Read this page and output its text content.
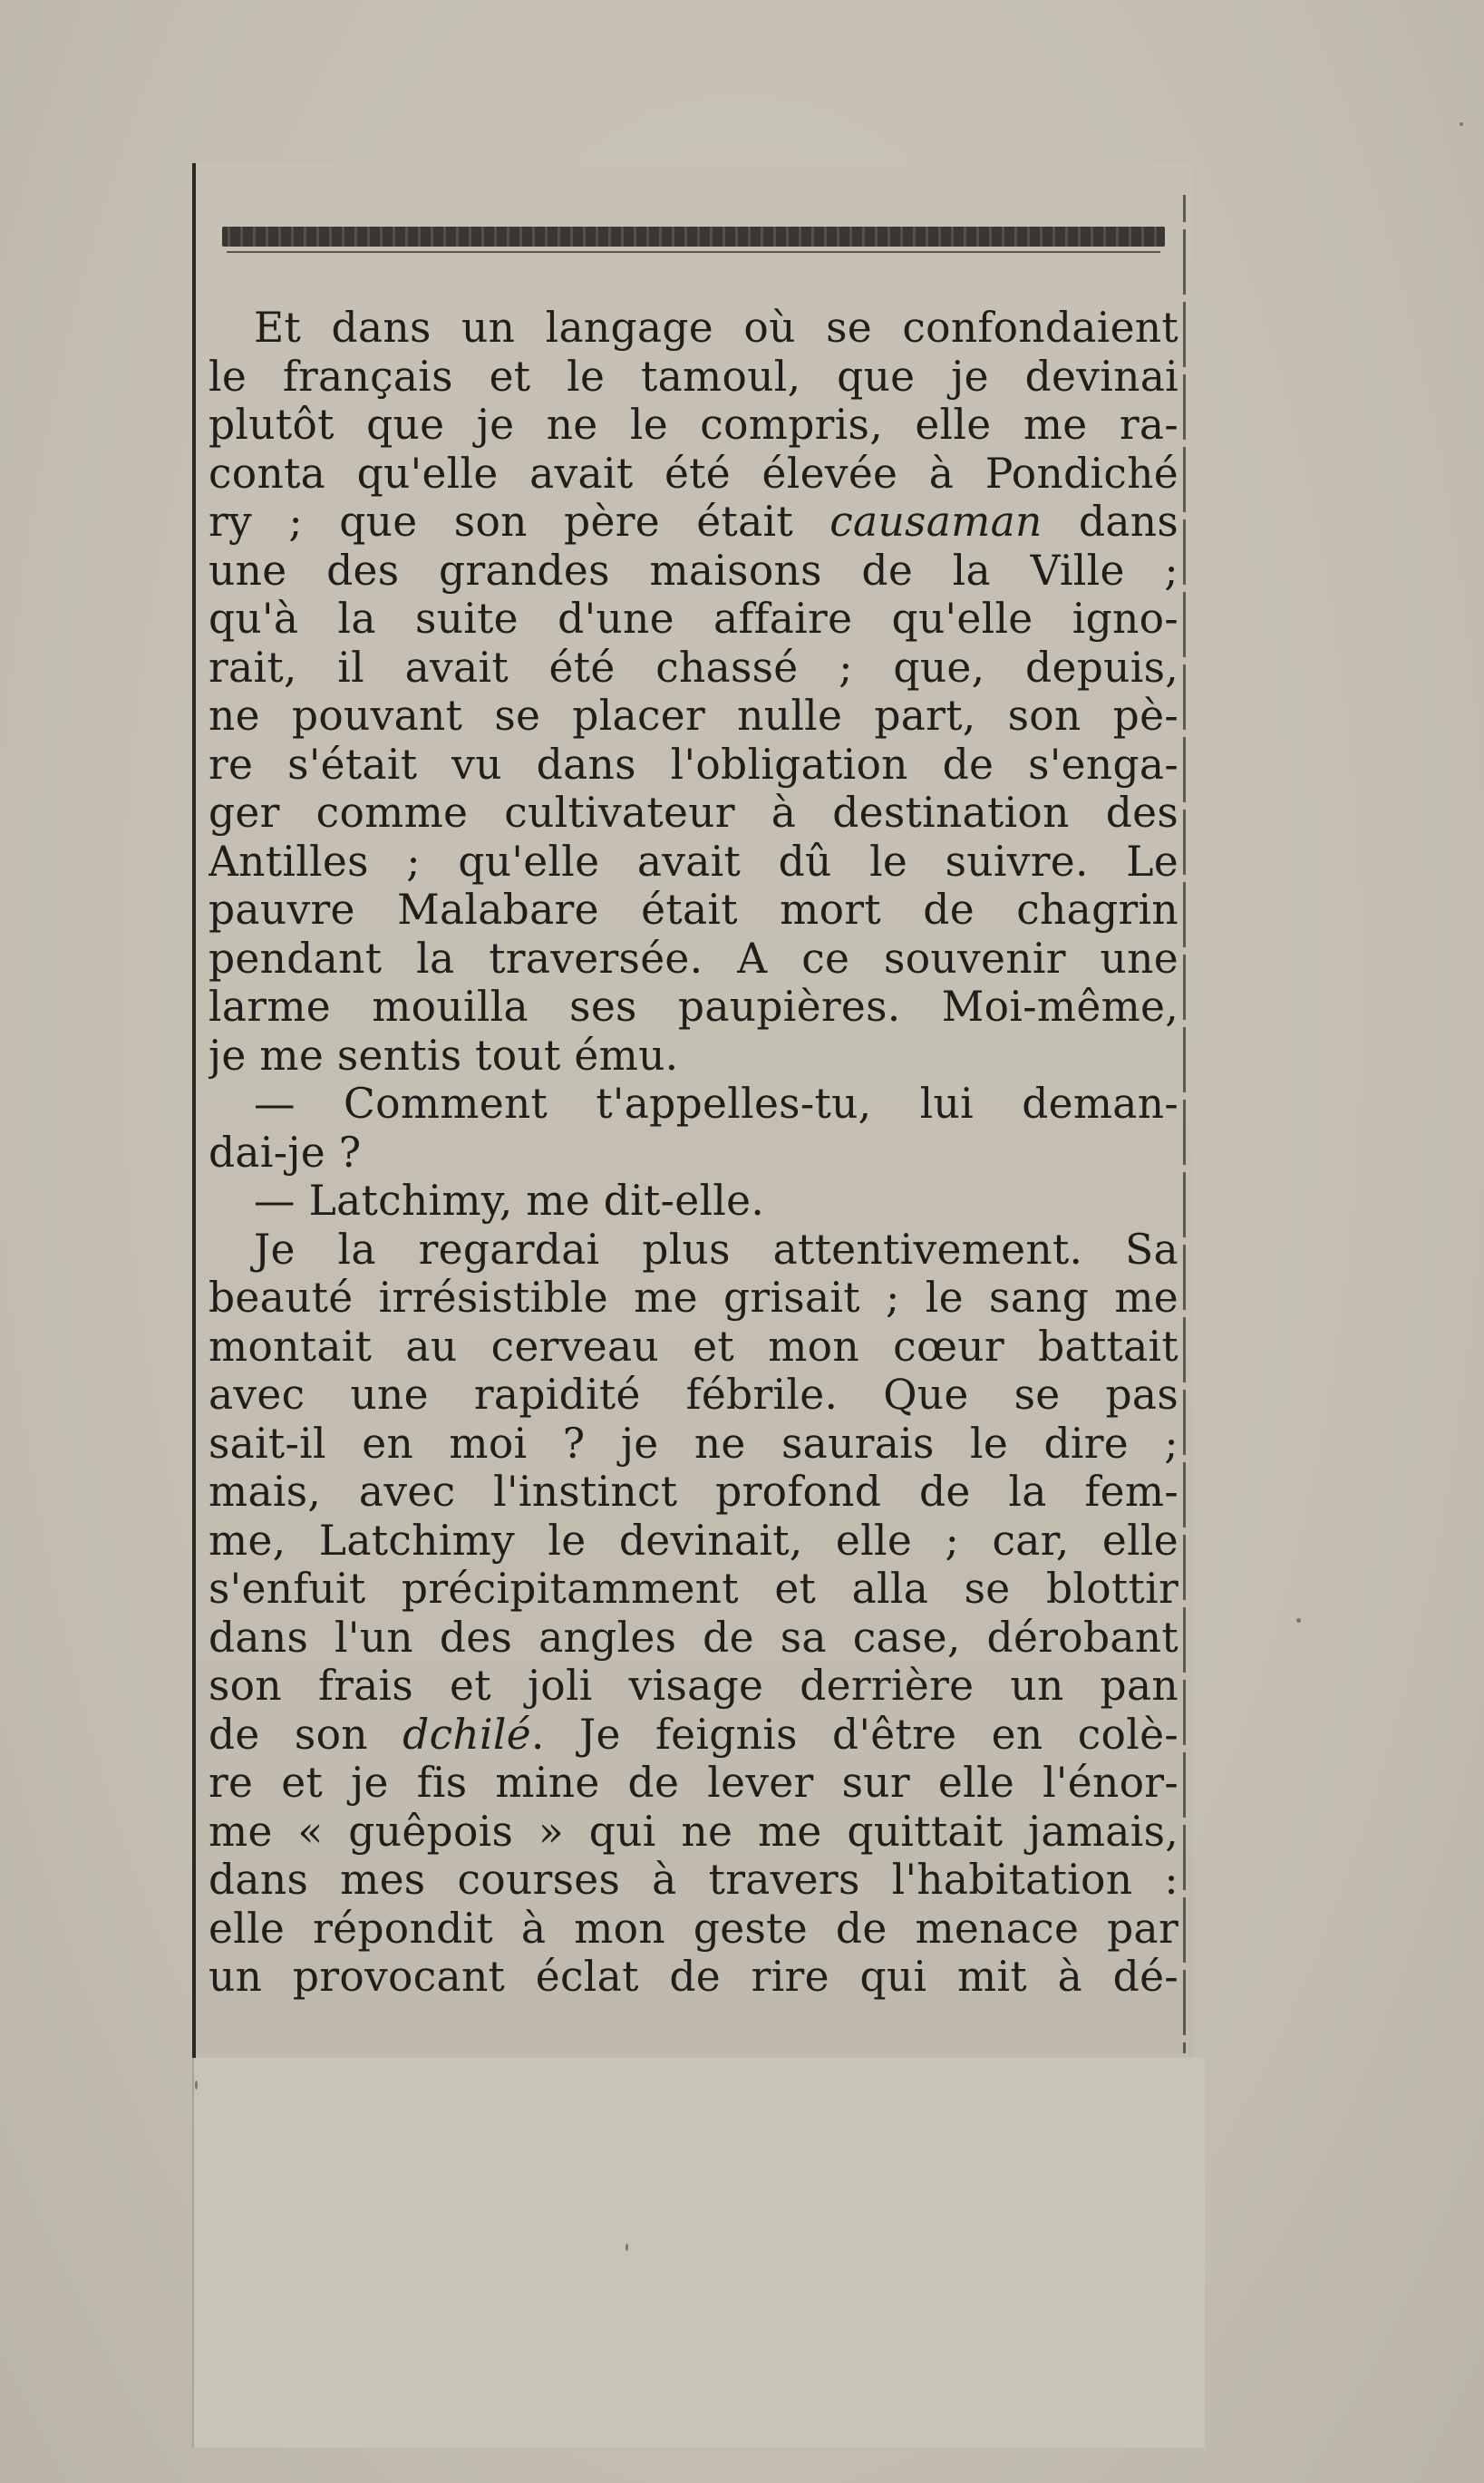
Et dans un langage où se confondaient
le français et le tamoul, que je devinai
plutôt que je ne le compris, elle me ra-
conta qu'elle avait été élevée à Pondiché
ry ; que son père était causaman dans
une des grandes maisons de la Ville ;
qu'à la suite d'une affaire qu'elle igno-
rait, il avait été chassé ; que, depuis,
ne pouvant se placer nulle part, son pè-
re s'était vu dans l'obligation de s'enga-
ger comme cultivateur à destination des
Antilles ; qu'elle avait dû le suivre. Le
pauvre Malabare était mort de chagrin
pendant la traversée. A ce souvenir une
larme mouilla ses paupières. Moi-même,
je me sentis tout ému.
— Comment t'appelles-tu, lui deman-
dai-je ?
— Latchimy, me dit-elle.
Je la regardai plus attentivement. Sa
beauté irrésistible me grisait ; le sang me
montait au cerveau et mon cœur battait
avec une rapidité fébrile. Que se pas
sait-il en moi ? je ne saurais le dire ;
mais, avec l'instinct profond de la fem-
me, Latchimy le devinait, elle ; car, elle
s'enfuit précipitamment et alla se blottir
dans l'un des angles de sa case, dérobant
son frais et joli visage derrière un pan
de son dchilé. Je feignis d'être en colè-
re et je fis mine de lever sur elle l'énor-
me « guêpois » qui ne me quittait jamais,
dans mes courses à travers l'habitation :
elle répondit à mon geste de menace par
un provocant éclat de rire qui mit à dé-
